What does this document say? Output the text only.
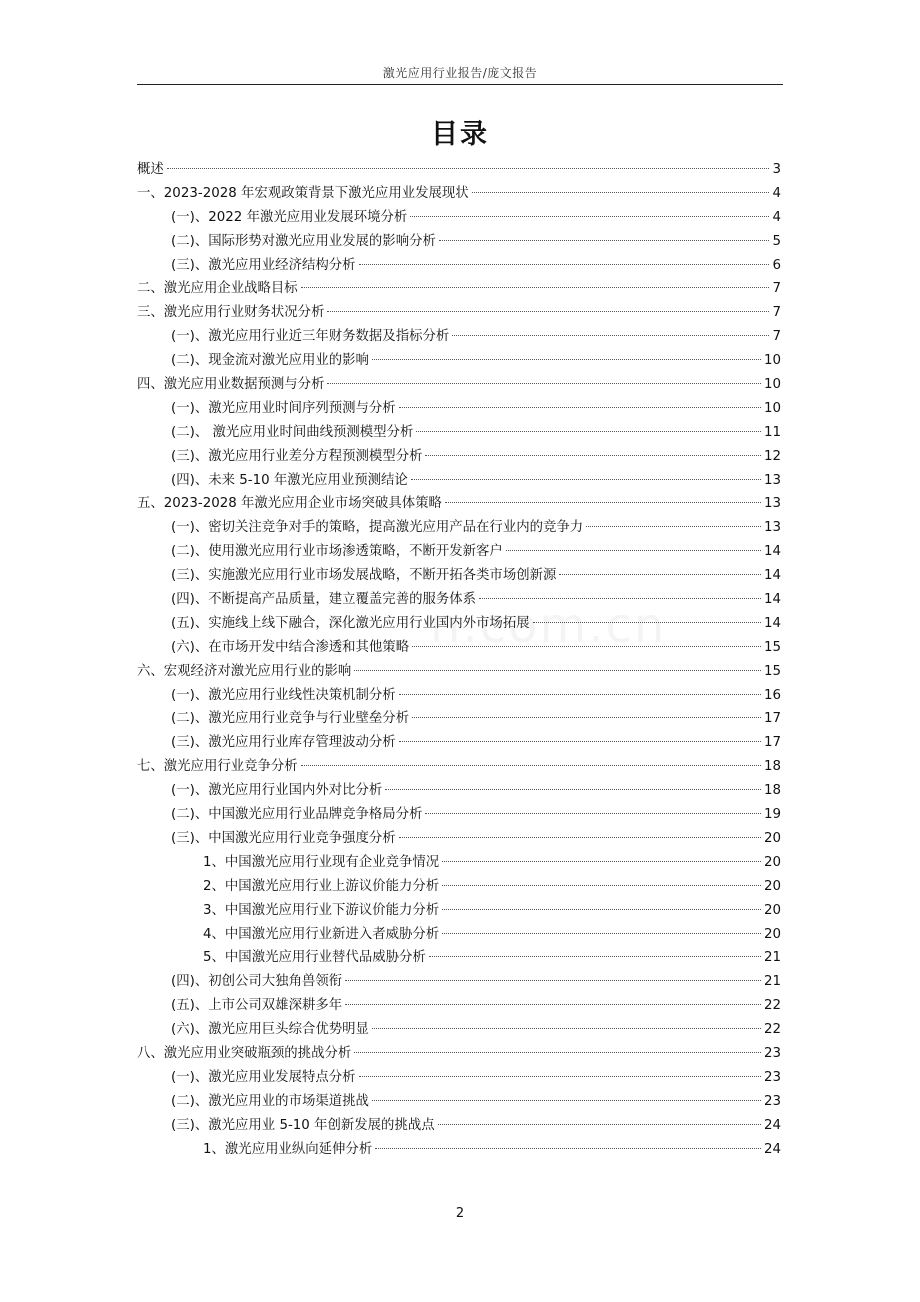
激光应用行业报告/庞文报告
目录
n.com.cn
概述	3
一、2023-2028 年宏观政策背景下激光应用业发展现状	4
(一)、2022 年激光应用业发展环境分析	4
(二)、国际形势对激光应用业发展的影响分析	5
(三)、激光应用业经济结构分析	6
二、激光应用企业战略目标	7
三、激光应用行业财务状况分析	7
(一)、激光应用行业近三年财务数据及指标分析	7
(二)、现金流对激光应用业的影响	10
四、激光应用业数据预测与分析	10
(一)、激光应用业时间序列预测与分析	10
(二)、 激光应用业时间曲线预测模型分析	11
(三)、激光应用行业差分方程预测模型分析	12
(四)、未来 5-10 年激光应用业预测结论	13
五、2023-2028 年激光应用企业市场突破具体策略	13
(一)、密切关注竞争对手的策略，提高激光应用产品在行业内的竞争力	13
(二)、使用激光应用行业市场渗透策略，不断开发新客户	14
(三)、实施激光应用行业市场发展战略，不断开拓各类市场创新源	14
(四)、不断提高产品质量，建立覆盖完善的服务体系	14
(五)、实施线上线下融合，深化激光应用行业国内外市场拓展	14
(六)、在市场开发中结合渗透和其他策略	15
六、宏观经济对激光应用行业的影响	15
(一)、激光应用行业线性决策机制分析	16
(二)、激光应用行业竞争与行业壁垒分析	17
(三)、激光应用行业库存管理波动分析	17
七、激光应用行业竞争分析	18
(一)、激光应用行业国内外对比分析	18
(二)、中国激光应用行业品牌竞争格局分析	19
(三)、中国激光应用行业竞争强度分析	20
1、中国激光应用行业现有企业竞争情况	20
2、中国激光应用行业上游议价能力分析	20
3、中国激光应用行业下游议价能力分析	20
4、中国激光应用行业新进入者威胁分析	20
5、中国激光应用行业替代品威胁分析	21
(四)、初创公司大独角兽领衔	21
(五)、上市公司双雄深耕多年	22
(六)、激光应用巨头综合优势明显	22
八、激光应用业突破瓶颈的挑战分析	23
(一)、激光应用业发展特点分析	23
(二)、激光应用业的市场渠道挑战	23
(三)、激光应用业 5-10 年创新发展的挑战点	24
1、激光应用业纵向延伸分析	24
2
